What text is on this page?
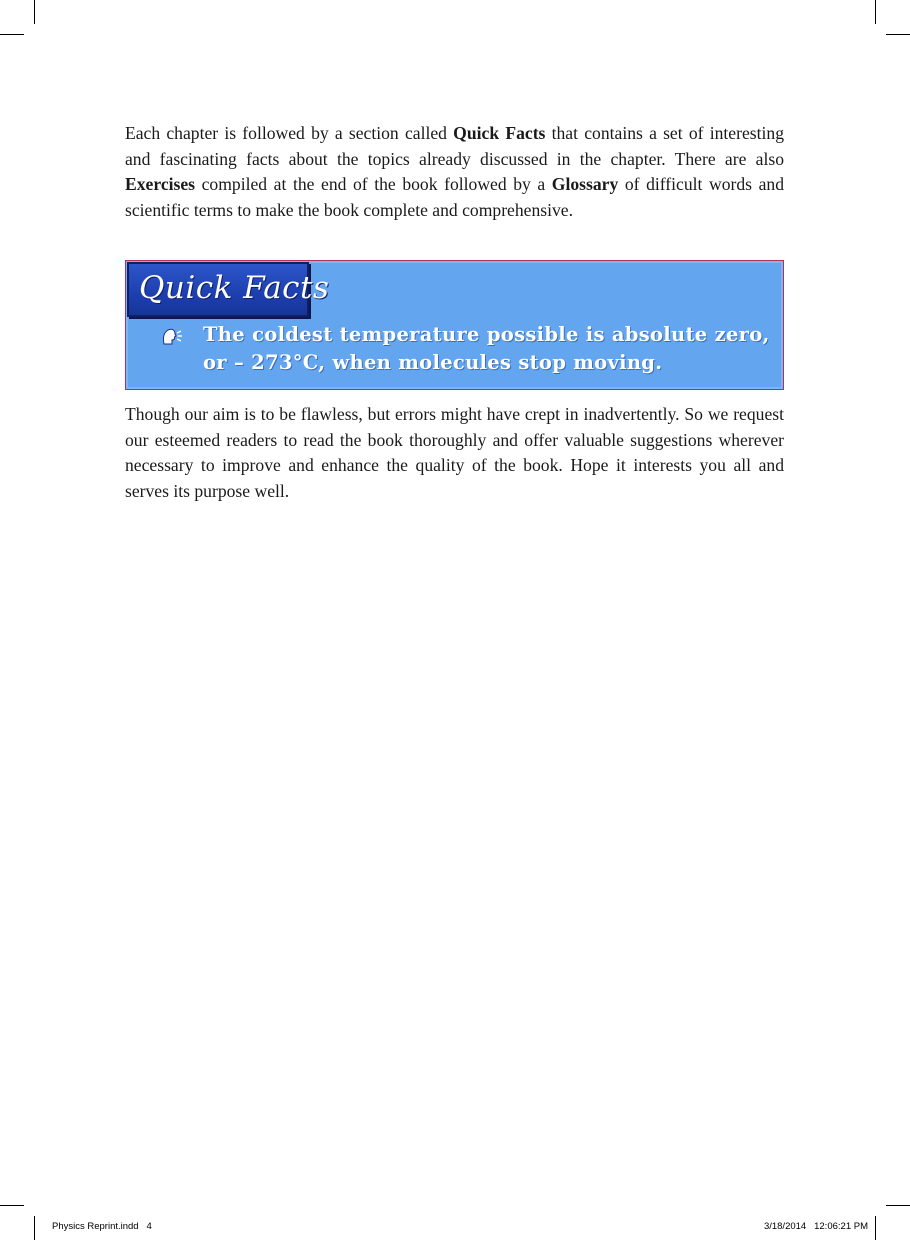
Each chapter is followed by a section called Quick Facts that contains a set of interesting and fascinating facts about the topics already discussed in the chapter. There are also Exercises compiled at the end of the book followed by a Glossary of difficult words and scientific terms to make the book complete and comprehensive.

Quick Facts
The coldest temperature possible is absolute zero, or – 273°C, when molecules stop moving.

Though our aim is to be flawless, but errors might have crept in inadvertently. So we request our esteemed readers to read the book thoroughly and offer valuable suggestions wherever necessary to improve and enhance the quality of the book. Hope it interests you all and serves its purpose well.

Physics Reprint.indd   4	3/18/2014   12:06:21 PM
